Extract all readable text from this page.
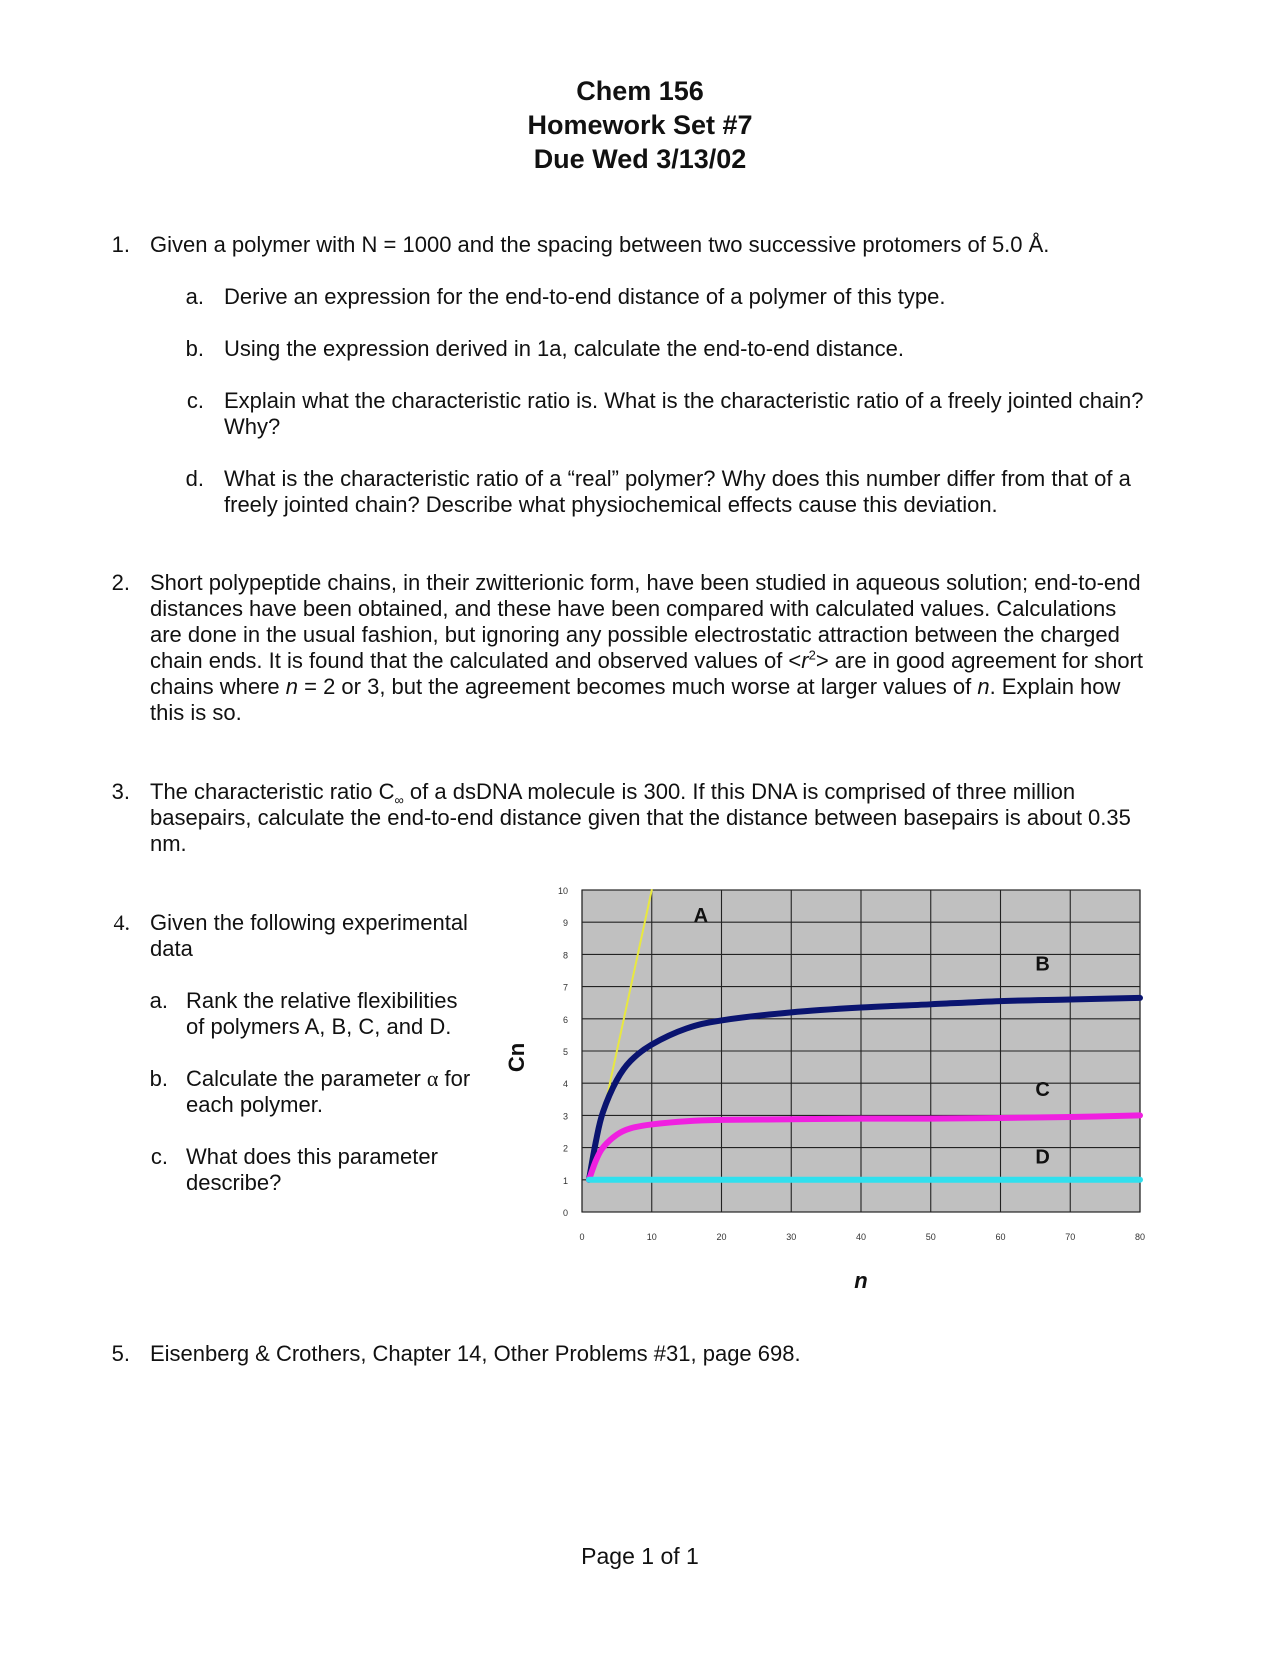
Chem 156
Homework Set #7
Due Wed 3/13/02
1. Given a polymer with N = 1000 and the spacing between two successive protomers of 5.0 Å.
a. Derive an expression for the end-to-end distance of a polymer of this type.
b. Using the expression derived in 1a, calculate the end-to-end distance.
c. Explain what the characteristic ratio is. What is the characteristic ratio of a freely jointed chain?
Why?
d. What is the characteristic ratio of a “real” polymer? Why does this number differ from that of a
freely jointed chain? Describe what physiochemical effects cause this deviation.
2. Short polypeptide chains, in their zwitterionic form, have been studied in aqueous solution; end-to-end
distances have been obtained, and these have been compared with calculated values. Calculations
are done in the usual fashion, but ignoring any possible electrostatic attraction between the charged
chain ends. It is found that the calculated and observed values of $<r^2>$ are in good agreement for short
chains where n = 2 or 3, but the agreement becomes much worse at larger values of n. Explain how
this is so.
3. The characteristic ratio $C_\infty$ of a dsDNA molecule is 300. If this DNA is comprised of three million
basepairs, calculate the end-to-end distance given that the distance between basepairs is about 0.35
nm.
4. Given the following experimental
data
a. Rank the relative flexibilities
of polymers A, B, C, and D.
b. Calculate the parameter α for
each polymer.
c. What does this parameter
describe?
0
1
2
3
4
5
6
7
8
9
10
0	10	20	30	40	50	60	70	80
n
Cn
A
B
C
D
5. Eisenberg & Crothers, Chapter 14, Other Problems #31, page 698.
Page 1 of 1
